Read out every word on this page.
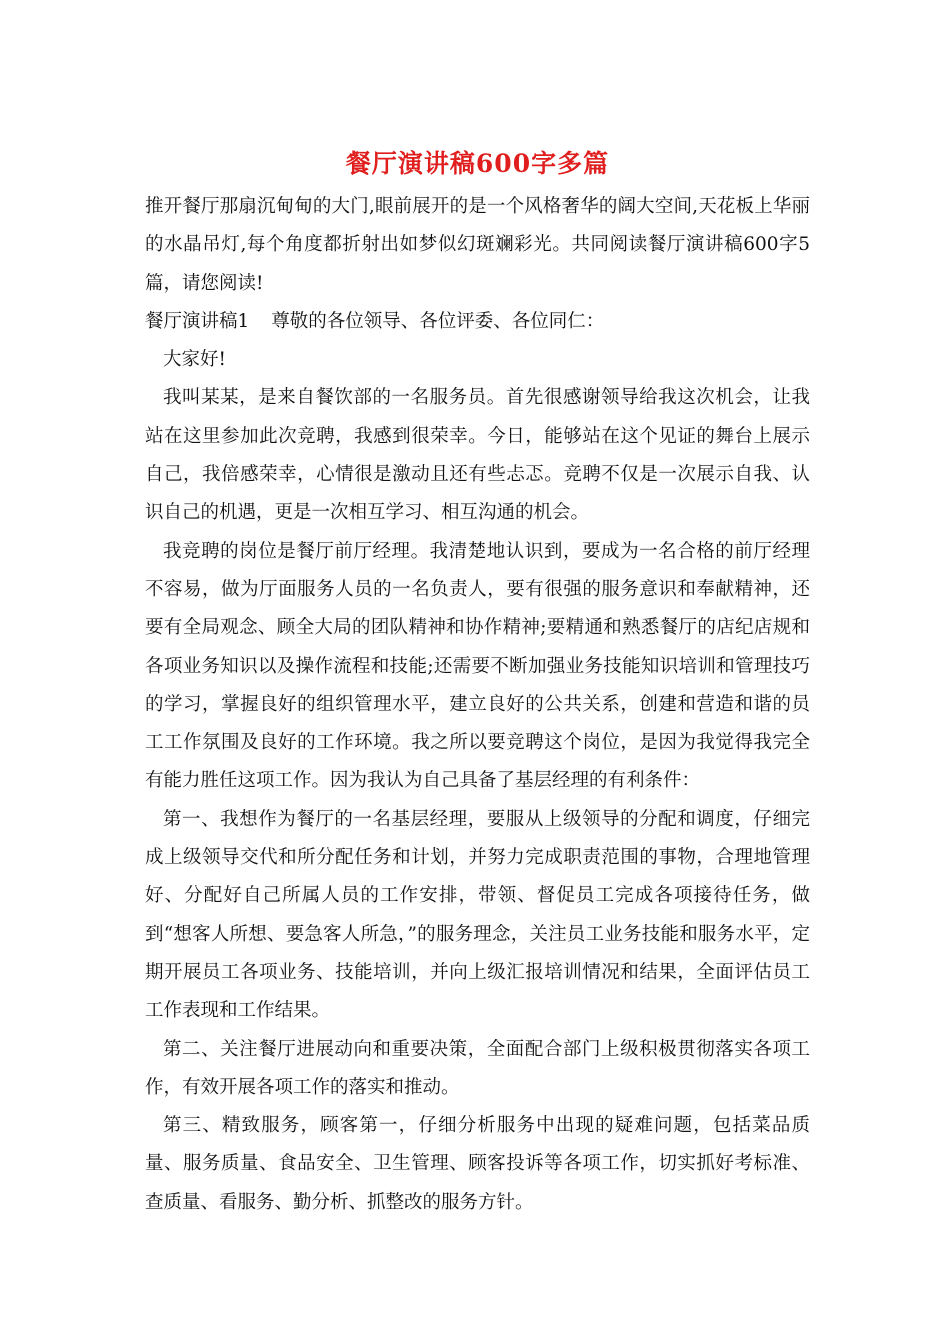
餐厅演讲稿600字多篇

推开餐厅那扇沉甸甸的大门,眼前展开的是一个风格奢华的阔大空间,天花板上华丽的水晶吊灯,每个角度都折射出如梦似幻斑斓彩光。共同阅读餐厅演讲稿600字5篇，请您阅读!

餐厅演讲稿1 尊敬的各位领导、各位评委、各位同仁：

大家好!

我叫某某，是来自餐饮部的一名服务员。首先很感谢领导给我这次机会，让我站在这里参加此次竞聘，我感到很荣幸。今日，能够站在这个见证的舞台上展示自己，我倍感荣幸，心情很是激动且还有些忐忑。竞聘不仅是一次展示自我、认识自己的机遇，更是一次相互学习、相互沟通的机会。

我竞聘的岗位是餐厅前厅经理。我清楚地认识到，要成为一名合格的前厅经理不容易，做为厅面服务人员的一名负责人，要有很强的服务意识和奉献精神，还要有全局观念、顾全大局的团队精神和协作精神;要精通和熟悉餐厅的店纪店规和各项业务知识以及操作流程和技能;还需要不断加强业务技能知识培训和管理技巧的学习，掌握良好的组织管理水平，建立良好的公共关系，创建和营造和谐的员工工作氛围及良好的工作环境。我之所以要竞聘这个岗位，是因为我觉得我完全有能力胜任这项工作。因为我认为自己具备了基层经理的有利条件：

第一、我想作为餐厅的一名基层经理，要服从上级领导的分配和调度，仔细完成上级领导交代和所分配任务和计划，并努力完成职责范围的事物，合理地管理好、分配好自己所属人员的工作安排，带领、督促员工完成各项接待任务，做到“想客人所想、要急客人所急，”的服务理念，关注员工业务技能和服务水平，定期开展员工各项业务、技能培训，并向上级汇报培训情况和结果，全面评估员工工作表现和工作结果。

第二、关注餐厅进展动向和重要决策，全面配合部门上级积极贯彻落实各项工作，有效开展各项工作的落实和推动。

第三、精致服务，顾客第一，仔细分析服务中出现的疑难问题，包括菜品质量、服务质量、食品安全、卫生管理、顾客投诉等各项工作，切实抓好考标准、查质量、看服务、勤分析、抓整改的服务方针。
